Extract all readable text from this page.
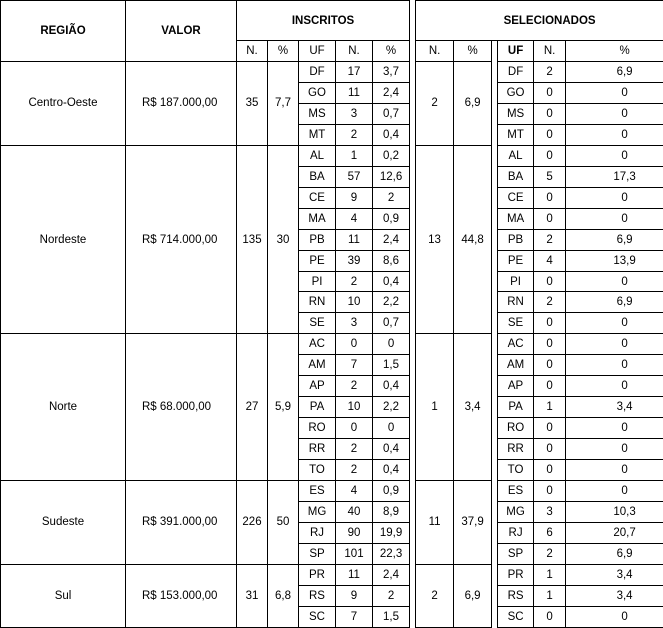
REGIÃO	VALOR	INSCRITOS						SELECIONADOS					
		N.	%	UF	N.	%		N.	%		UF	N.	%
Centro-Oeste	R$ 187.000,00	35	7,7	DF	17	3,7		2	6,9		DF	2	6,9
				GO	11	2,4					GO	0	0
				MS	3	0,7					MS	0	0
				MT	2	0,4					MT	0	0
Nordeste	R$ 714.000,00	135	30	AL	1	0,2		13	44,8		AL	0	0
				BA	57	12,6					BA	5	17,3
				CE	9	2					CE	0	0
				MA	4	0,9					MA	0	0
				PB	11	2,4					PB	2	6,9
				PE	39	8,6					PE	4	13,9
				PI	2	0,4					PI	0	0
				RN	10	2,2					RN	2	6,9
				SE	3	0,7					SE	0	0
Norte	R$ 68.000,00	27	5,9	AC	0	0		1	3,4		AC	0	0
				AM	7	1,5					AM	0	0
				AP	2	0,4					AP	0	0
				PA	10	2,2					PA	1	3,4
				RO	0	0					RO	0	0
				RR	2	0,4					RR	0	0
				TO	2	0,4					TO	0	0
Sudeste	R$ 391.000,00	226	50	ES	4	0,9		11	37,9		ES	0	0
				MG	40	8,9					MG	3	10,3
				RJ	90	19,9					RJ	6	20,7
				SP	101	22,3					SP	2	6,9
Sul	R$ 153.000,00	31	6,8	PR	11	2,4		2	6,9		PR	1	3,4
				RS	9	2					RS	1	3,4
				SC	7	1,5					SC	0	0
